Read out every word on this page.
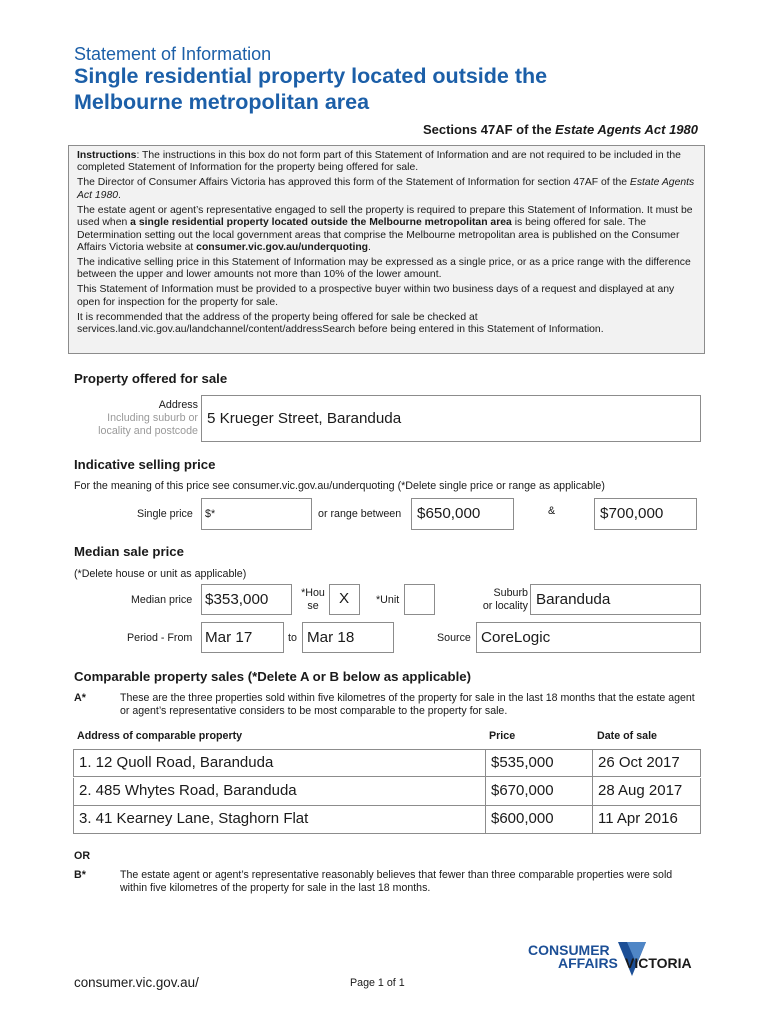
Statement of Information
Single residential property located outside the
Melbourne metropolitan area
Sections 47AF of the Estate Agents Act 1980

Instructions: The instructions in this box do not form part of this Statement of Information and are not required to be included in the completed Statement of Information for the property being offered for sale.

The Director of Consumer Affairs Victoria has approved this form of the Statement of Information for section 47AF of the Estate Agents Act 1980.

The estate agent or agent’s representative engaged to sell the property is required to prepare this Statement of Information. It must be used when a single residential property located outside the Melbourne metropolitan area is being offered for sale. The Determination setting out the local government areas that comprise the Melbourne metropolitan area is published on the Consumer Affairs Victoria website at consumer.vic.gov.au/underquoting.

The indicative selling price in this Statement of Information may be expressed as a single price, or as a price range with the difference between the upper and lower amounts not more than 10% of the lower amount.

This Statement of Information must be provided to a prospective buyer within two business days of a request and displayed at any open for inspection for the property for sale.

It is recommended that the address of the property being offered for sale be checked at services.land.vic.gov.au/landchannel/content/addressSearch before being entered in this Statement of Information.

Property offered for sale
Address
Including suburb or
locality and postcode
5 Krueger Street, Baranduda
Indicative selling price
For the meaning of this price see consumer.vic.gov.au/underquoting (*Delete single price or range as applicable)
Single price $*	or range between $650,000	&	$700,000
Median sale price
(*Delete house or unit as applicable)
Median price $353,000	*Hou
se	X	*Unit
Suburb
or locality Baranduda
Period - From Mar 17	to Mar 18	Source CoreLogic
Comparable property sales (*Delete A or B below as applicable)
A*	These are the three properties sold within five kilometres of the property for sale in the last 18 months that the estate agent or agent’s representative considers to be most comparable to the property for sale.
Address of comparable property	Price	Date of sale
1. 12 Quoll Road, Baranduda	$535,000	26 Oct 2017
2. 485 Whytes Road, Baranduda	$670,000	28 Aug 2017
3. 41 Kearney Lane, Staghorn Flat	$600,000	11 Apr 2016
OR
B*	The estate agent or agent’s representative reasonably believes that fewer than three comparable properties were sold within five kilometres of the property for sale in the last 18 months.
consumer.vic.gov.au/	Page 1 of 1
CONSUMER
AFFAIRS VICTORIA
